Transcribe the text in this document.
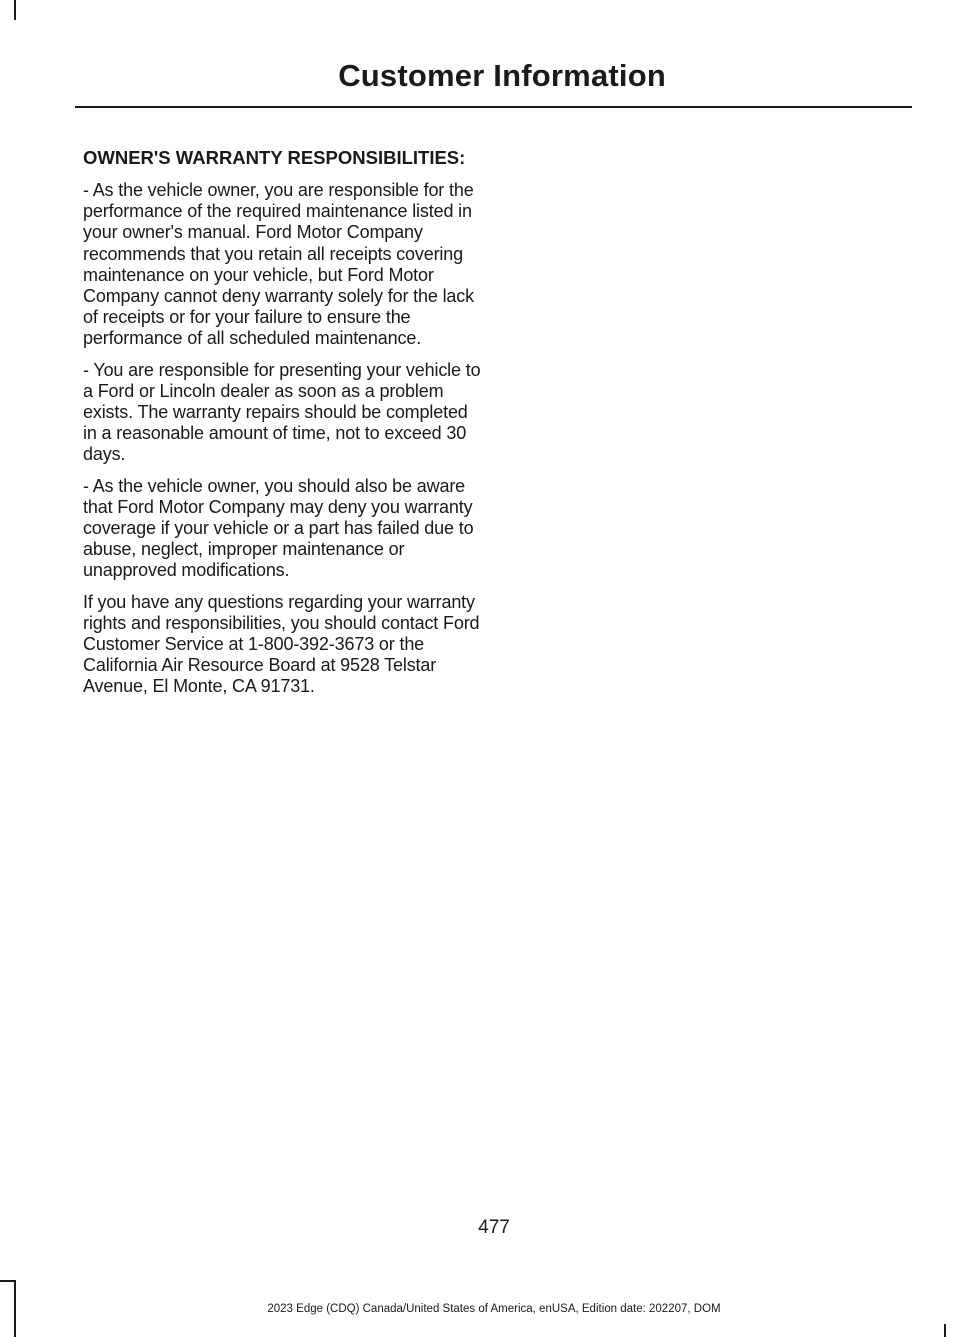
Customer Information
OWNER'S WARRANTY RESPONSIBILITIES:

- As the vehicle owner, you are responsible for the performance of the required maintenance listed in your owner's manual. Ford Motor Company recommends that you retain all receipts covering maintenance on your vehicle, but Ford Motor Company cannot deny warranty solely for the lack of receipts or for your failure to ensure the performance of all scheduled maintenance.

- You are responsible for presenting your vehicle to a Ford or Lincoln dealer as soon as a problem exists. The warranty repairs should be completed in a reasonable amount of time, not to exceed 30 days.

- As the vehicle owner, you should also be aware that Ford Motor Company may deny you warranty coverage if your vehicle or a part has failed due to abuse, neglect, improper maintenance or unapproved modifications.

If you have any questions regarding your warranty rights and responsibilities, you should contact Ford Customer Service at 1-800-392-3673 or the California Air Resource Board at 9528 Telstar Avenue, El Monte, CA 91731.

477

2023 Edge (CDQ) Canada/United States of America, enUSA, Edition date: 202207, DOM
